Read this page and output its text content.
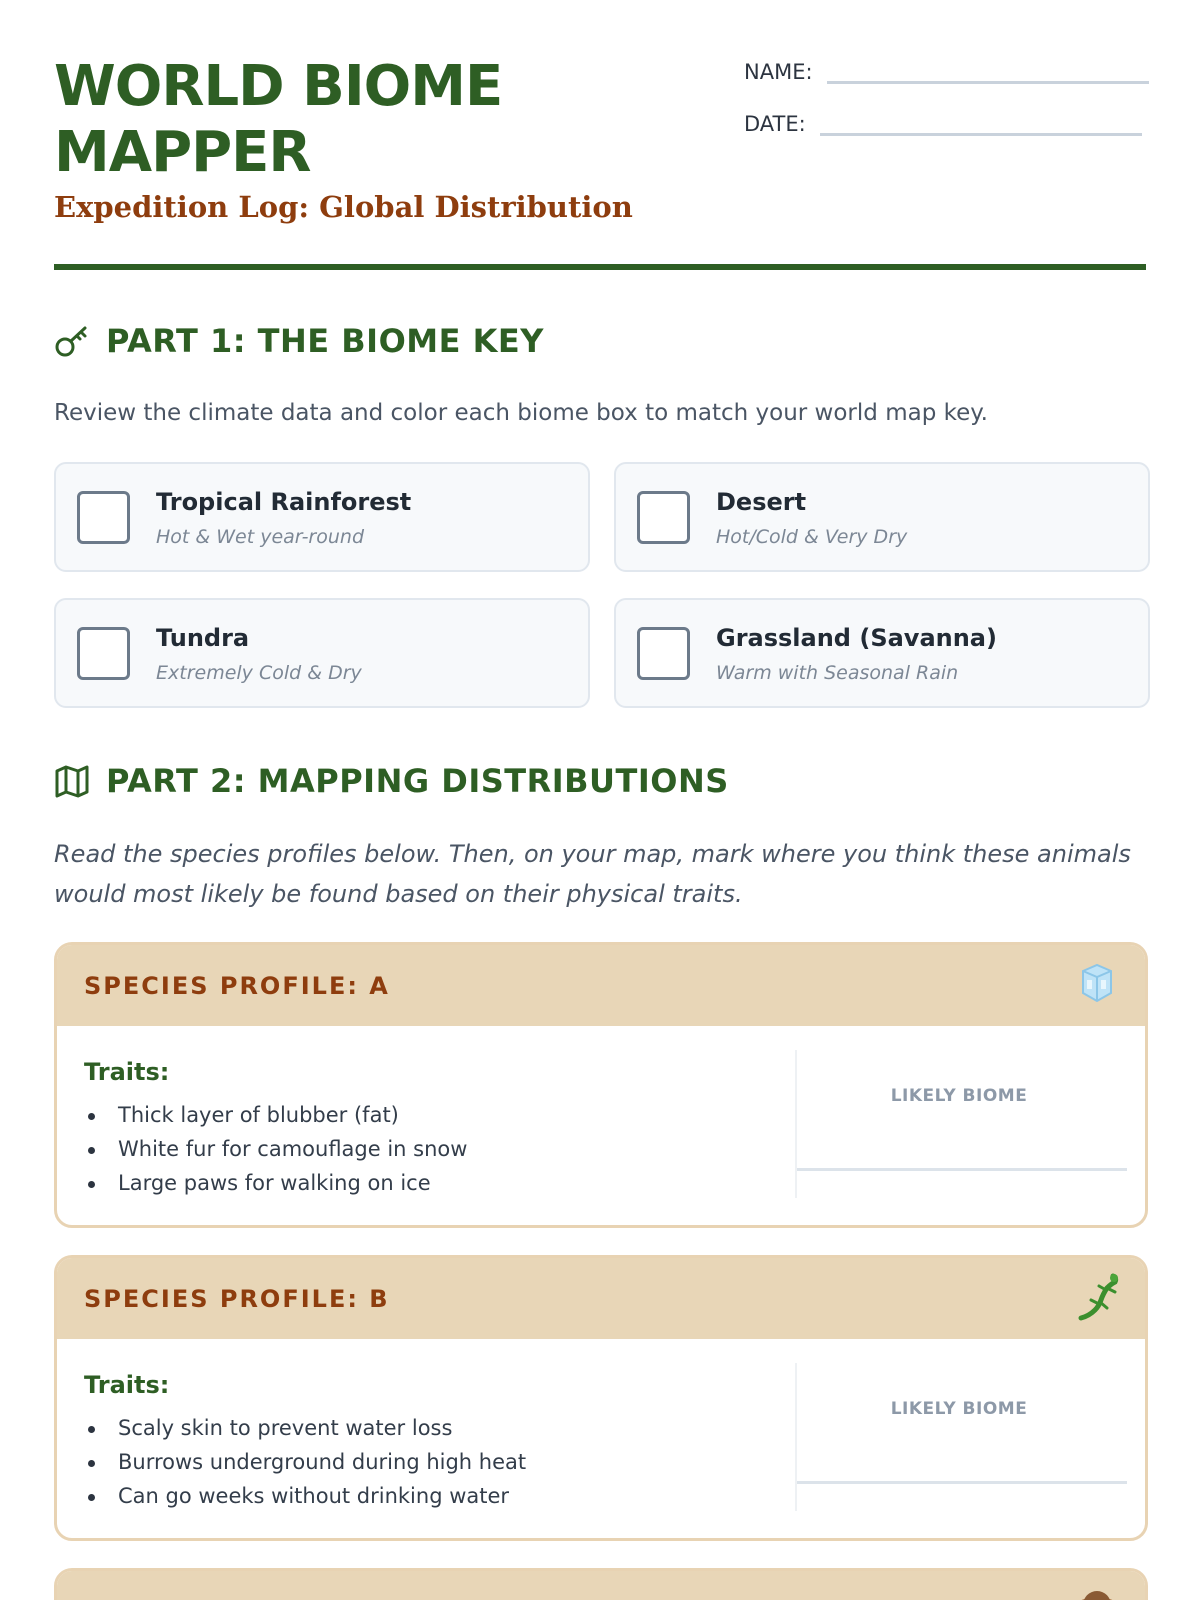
WORLD BIOME
MAPPER
Expedition Log: Global Distribution
NAME:
DATE:
PART 1: THE BIOME KEY
Review the climate data and color each biome box to match your world map key.
Tropical Rainforest
Hot & Wet year-round
Desert
Hot/Cold & Very Dry
Tundra
Extremely Cold & Dry
Grassland (Savanna)
Warm with Seasonal Rain
PART 2: MAPPING DISTRIBUTIONS
Read the species profiles below. Then, on your map, mark where you think these animals would most likely be found based on their physical traits.
SPECIES PROFILE: A
Traits:
Thick layer of blubber (fat)
White fur for camouflage in snow
Large paws for walking on ice
LIKELY BIOME
SPECIES PROFILE: B
Traits:
Scaly skin to prevent water loss
Burrows underground during high heat
Can go weeks without drinking water
LIKELY BIOME
